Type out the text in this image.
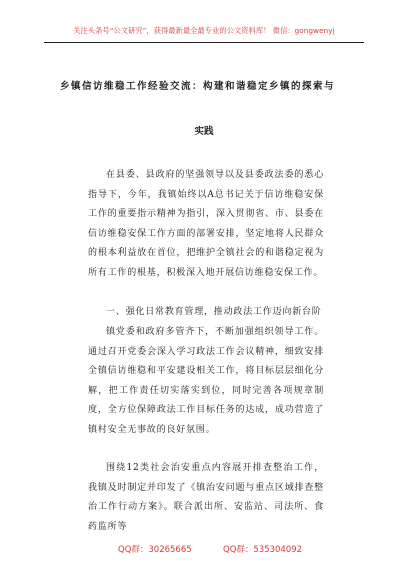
关注头条号“公文研究”，获得最新最全最专业的公文资料库！ 微信：gongwenyj
乡镇信访维稳工作经验交流：构建和谐稳定乡镇的探索与
实践

在县委、县政府的坚强领导以及县委政法委的悉心指导下，今年，我镇始终以A总书记关于信访维稳安保工作的重要指示精神为指引，深入贯彻省、市、县委在信访维稳安保工作方面的部署安排，坚定地将人民群众的根本利益放在首位，把维护全镇社会的和谐稳定视为所有工作的根基，积极深入地开展信访维稳安保工作。

一、强化日常教育管理，推动政法工作迈向新台阶

镇党委和政府多管齐下，不断加强组织领导工作。通过召开党委会深入学习政法工作会议精神，细致安排全镇信访维稳和平安建设相关工作，将目标层层细化分解，把工作责任切实落实到位，同时完善各项规章制度，全方位保障政法工作目标任务的达成，成功营造了镇村安全无事故的良好氛围。

围绕12类社会治安重点内容展开排查整治工作，我镇及时制定并印发了《镇治安问题与重点区域排查整治工作行动方案》。联合派出所、安监站、司法所、食药监所等

QQ群：30265665	QQ群：535304092
